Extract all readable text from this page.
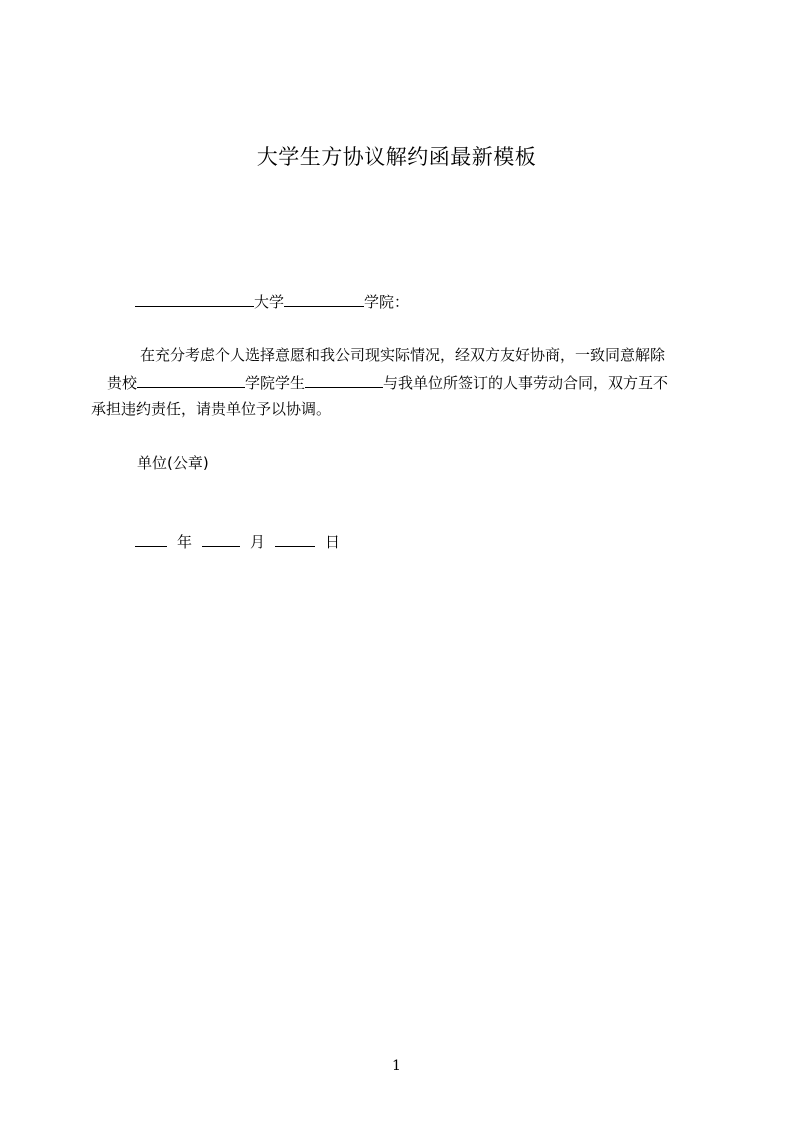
大学生方协议解约函最新模板
大学	学院：
在充分考虑个人选择意愿和我公司现实际情况，经双方友好协商，一致同意解除
贵校	学院学生	与我单位所签订的人事劳动合同，双方互不
承担违约责任，请贵单位予以协调。
单位(公章)
年	月	日
1
